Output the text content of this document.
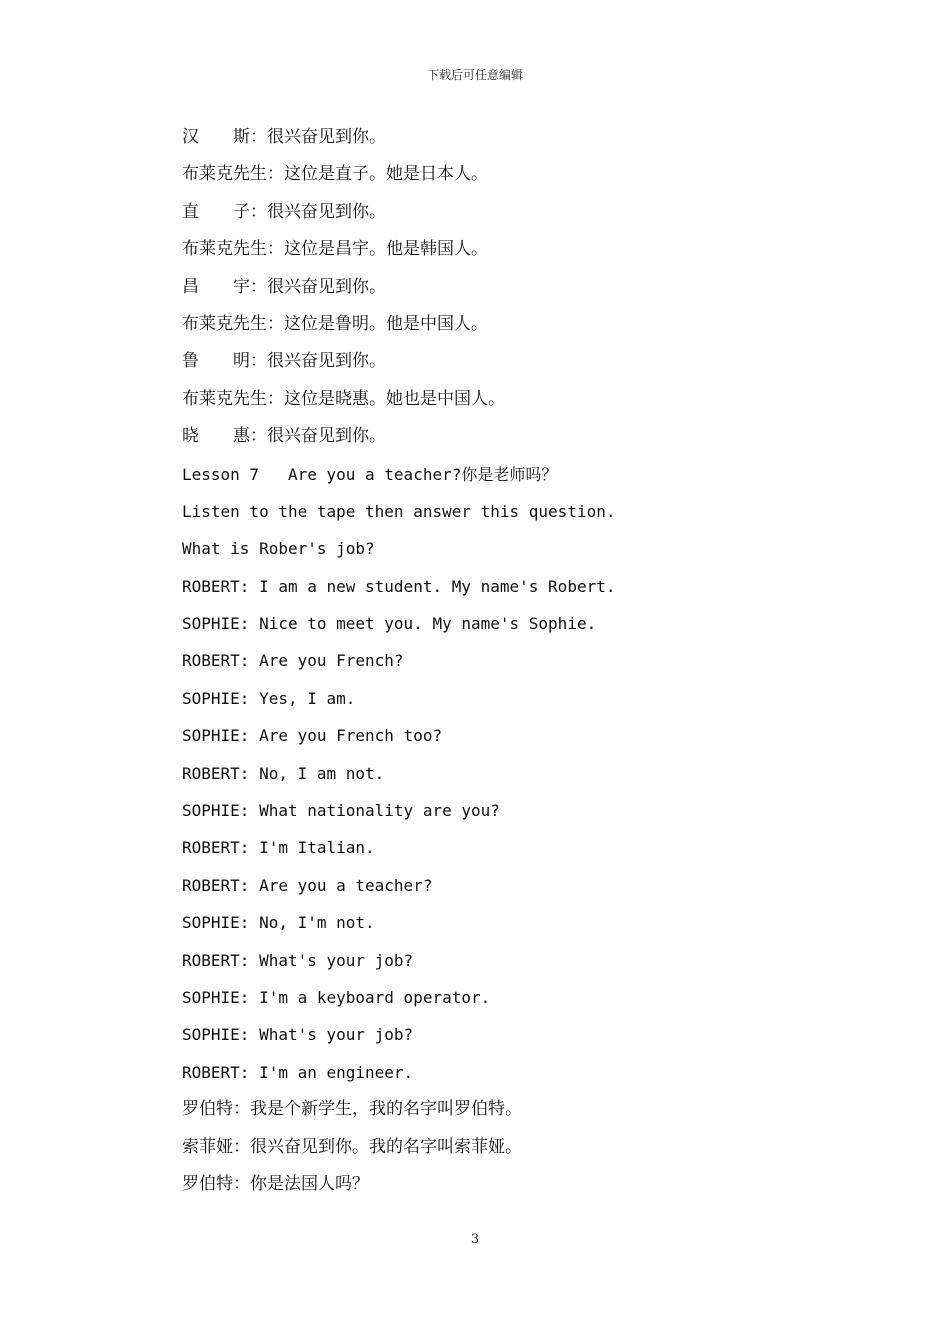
下载后可任意编辑
汉　　斯：很兴奋见到你。
布莱克先生：这位是直子。她是日本人。
直　　子：很兴奋见到你。
布莱克先生：这位是昌宇。他是韩国人。
昌　　宇：很兴奋见到你。
布莱克先生：这位是鲁明。他是中国人。
鲁　　明：很兴奋见到你。
布莱克先生：这位是晓惠。她也是中国人。
晓　　惠：很兴奋见到你。
Lesson 7   Are you a teacher?你是老师吗？
Listen to the tape then answer this question.
What is Rober's job?
ROBERT: I am a new student. My name's Robert.
SOPHIE: Nice to meet you. My name's Sophie.
ROBERT: Are you French?
SOPHIE: Yes, I am.
SOPHIE: Are you French too?
ROBERT: No, I am not.
SOPHIE: What nationality are you?
ROBERT: I'm Italian.
ROBERT: Are you a teacher?
SOPHIE: No, I'm not.
ROBERT: What's your job?
SOPHIE: I'm a keyboard operator.
SOPHIE: What's your job?
ROBERT: I'm an engineer.
罗伯特：我是个新学生，我的名字叫罗伯特。
索菲娅：很兴奋见到你。我的名字叫索菲娅。
罗伯特：你是法国人吗？
3
